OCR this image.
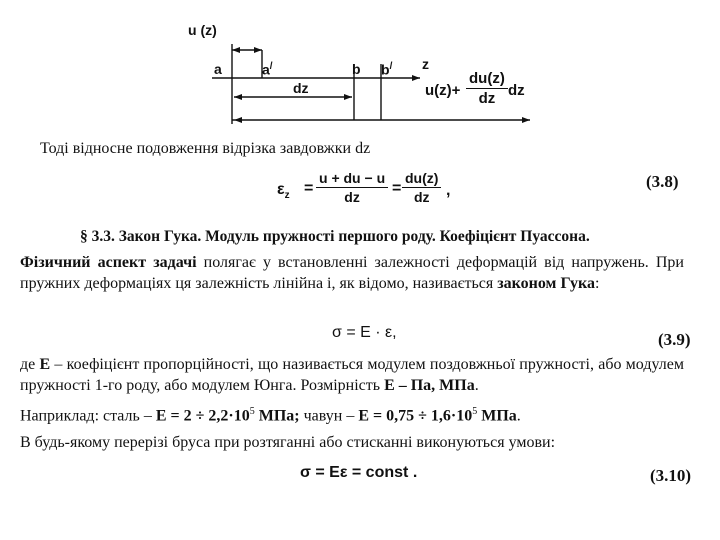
u (z)
a	a/	b b/ z
dz	$u(z)+ \frac{du(z)}{dz}$ dz
Тоді відносне подовження відрізка завдовжки dz
$\varepsilon_z = \frac{u + du - u}{dz} = \frac{du(z)}{dz}$ ,	(3.8)
§ 3.3. Закон Гука. Модуль пружності першого роду. Коефіцієнт Пуассона.
Фізичний аспект задачі полягає у встановленні залежності деформацій від напружень. При пружних деформаціях ця залежність лінійна і, як відомо, називається законом Гука:
σ = E · ε,	(3.9)
де E – коефіцієнт пропорційності, що називається модулем поздовжньої пружності, або модулем пружності 1-го роду, або модулем Юнга. Розмірність E – Па, МПа.
Наприклад: сталь – $E = 2 \div 2,2\cdot 10^5$ МПа; чавун – $E = 0,75 \div 1,6\cdot 10^5$ МПа.
В будь-якому перерізі бруса при розтяганні або стисканні виконуються умови:
σ = Eε = const .	(3.10)
